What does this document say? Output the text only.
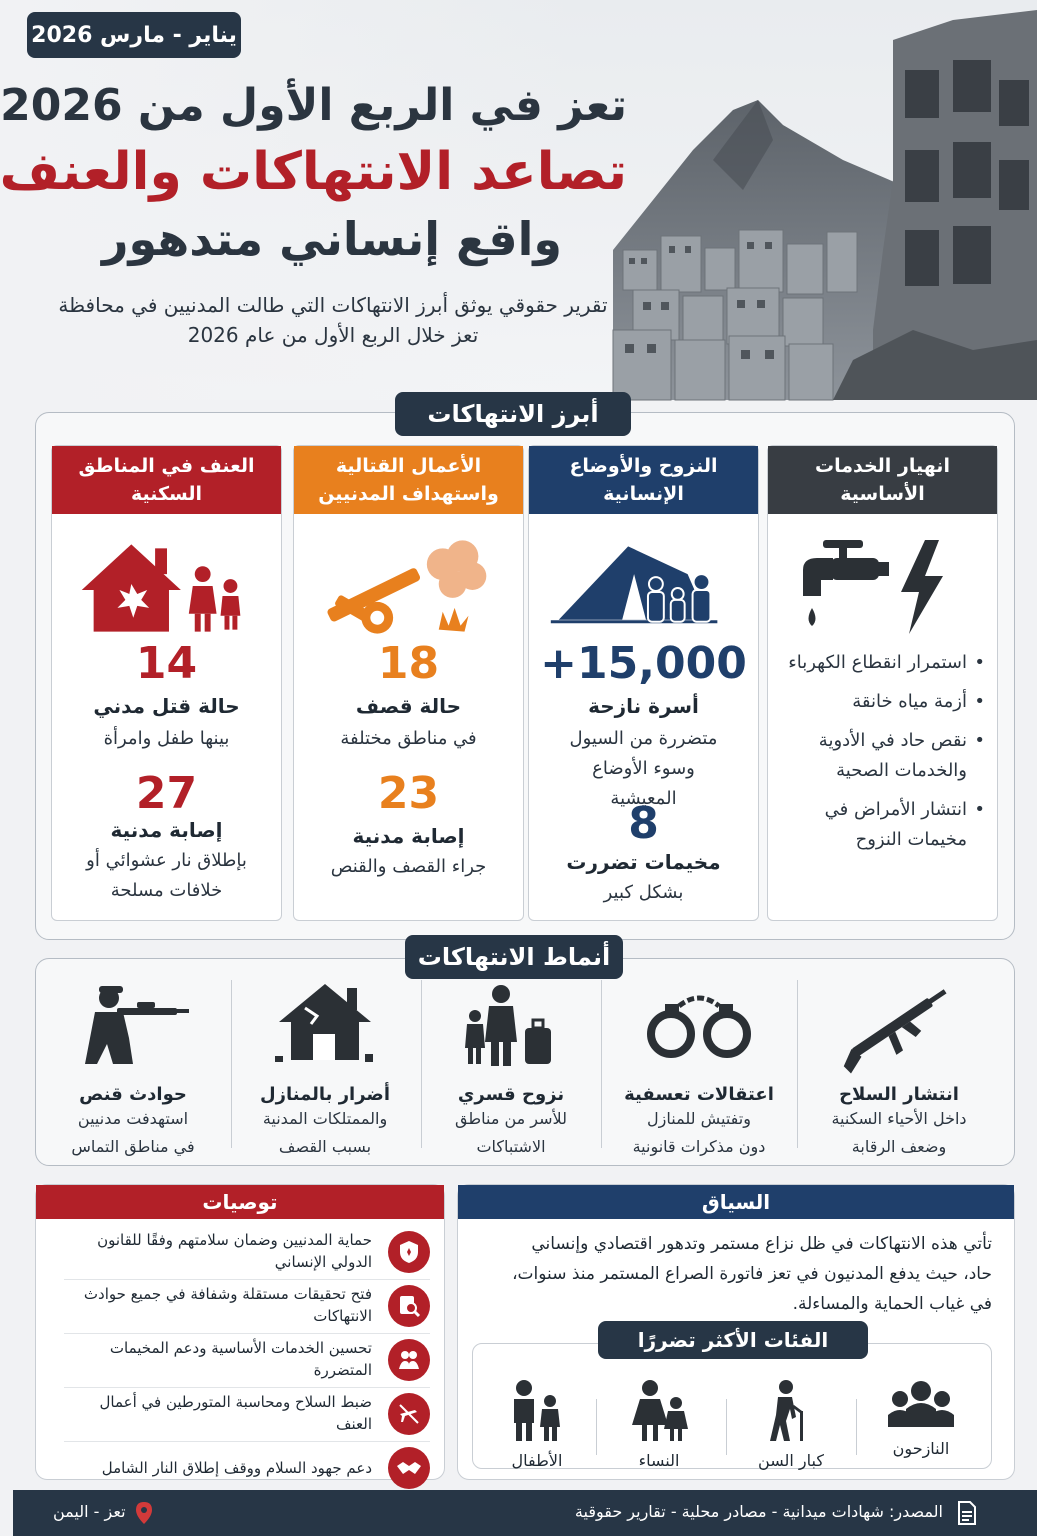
يناير - مارس 2026
تعز في الربع الأول من 2026
تصاعد الانتهاكات والعنف
واقع إنساني متدهور
تقرير حقوقي يوثق أبرز الانتهاكات التي طالت المدنيين في محافظة تعز خلال الربع الأول من عام 2026
أبرز الانتهاكات
انهيار الخدمات الأساسية
• استمرار انقطاع الكهرباء
• أزمة مياه خانقة
• نقص حاد في الأدوية والخدمات الصحية
• انتشار الأمراض في مخيمات النزوح
النزوح والأوضاع الإنسانية
+15,000
أسرة نازحة
متضررة من السيول وسوء الأوضاع المعيشية
8
مخيمات تضررت
بشكل كبير
الأعمال القتالية واستهداف المدنيين
18
حالة قصف
في مناطق مختلفة
23
إصابة مدنية
جراء القصف والقنص
العنف في المناطق السكنية
14
حالة قتل مدني
بينها طفل وامرأة
27
إصابة مدنية
بإطلاق نار عشوائي أو خلافات مسلحة
أنماط الانتهاكات
انتشار السلاح
داخل الأحياء السكنية
وضعف الرقابة
اعتقالات تعسفية
وتفتيش للمنازل
دون مذكرات قانونية
نزوح قسري
للأسر من مناطق
الاشتباكات
أضرار بالمنازل
والممتلكات المدنية
بسبب القصف
حوادث قنص
استهدفت مدنيين
في مناطق التماس
السياق
تأتي هذه الانتهاكات في ظل نزاع مستمر وتدهور اقتصادي وإنساني حاد، حيث يدفع المدنيون في تعز فاتورة الصراع المستمر منذ سنوات، في غياب الحماية والمساءلة.
الفئات الأكثر تضررًا
النازحون
كبار السن
النساء
الأطفال
توصيات
حماية المدنيين وضمان سلامتهم وفقًا للقانون الدولي الإنساني
فتح تحقيقات مستقلة وشفافة في جميع حوادث الانتهاكات
تحسين الخدمات الأساسية ودعم المخيمات المتضررة
ضبط السلاح ومحاسبة المتورطين في أعمال العنف
دعم جهود السلام ووقف إطلاق النار الشامل
المصدر: شهادات ميدانية - مصادر محلية - تقارير حقوقية
تعز - اليمن
